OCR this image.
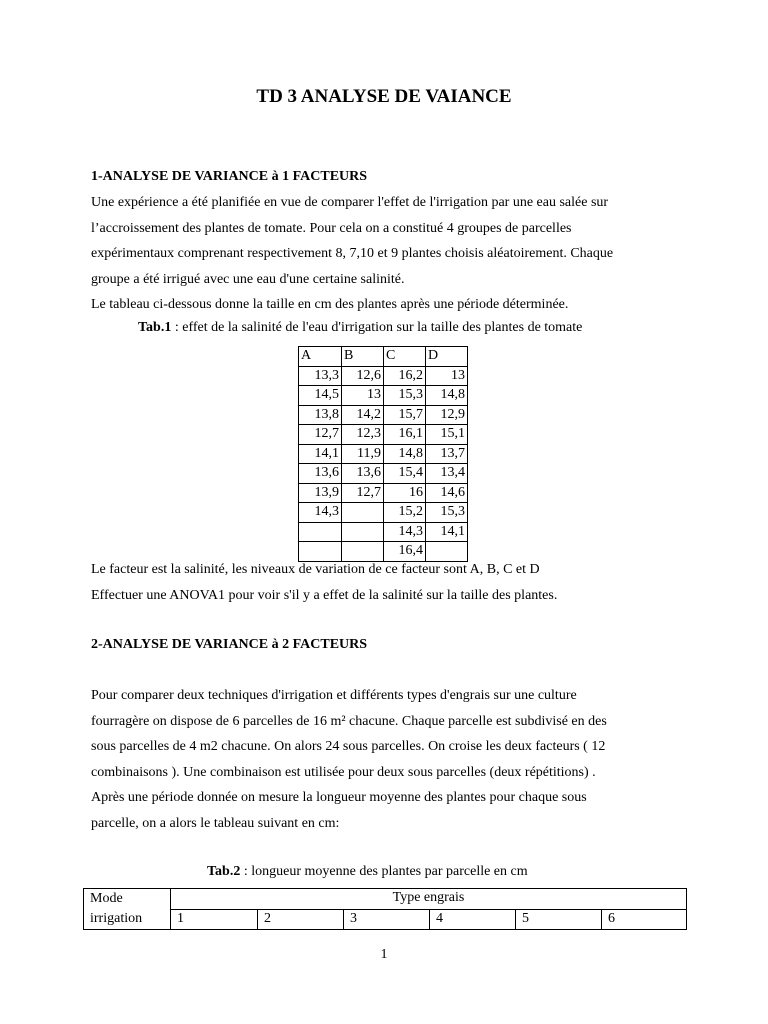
TD 3 ANALYSE DE VAIANCE
1-ANALYSE DE VARIANCE à 1 FACTEURS
Une expérience a été planifiée en vue de comparer l'effet de l'irrigation par une eau salée sur
l’accroissement des plantes de tomate. Pour cela on a constitué 4 groupes de parcelles
expérimentaux comprenant respectivement 8, 7,10 et 9 plantes choisis aléatoirement. Chaque
groupe a été irrigué avec une eau d'une certaine salinité.
Le tableau ci-dessous donne la taille en cm des plantes après une période déterminée.
Tab.1 : effet de la salinité de l'eau d'irrigation sur la taille des plantes de tomate
A	B	C	D
13,3	12,6	16,2	13
14,5	13	15,3	14,8
13,8	14,2	15,7	12,9
12,7	12,3	16,1	15,1
14,1	11,9	14,8	13,7
13,6	13,6	15,4	13,4
13,9	12,7	16	14,6
14,3		15,2	15,3
		14,3	14,1
		16,4	
Le facteur est la salinité, les niveaux de variation de ce facteur sont A, B, C et D
Effectuer une ANOVA1 pour voir s'il y a effet de la salinité sur la taille des plantes.
2-ANALYSE DE VARIANCE à 2 FACTEURS
Pour comparer deux techniques d'irrigation et différents types d'engrais sur une culture
fourragère on dispose de 6 parcelles de 16 m² chacune. Chaque parcelle est subdivisé en des
sous parcelles de 4 m2 chacune. On alors 24 sous parcelles. On croise les deux facteurs ( 12
combinaisons ). Une combinaison est utilisée pour deux sous parcelles (deux répétitions) .
Après une période donnée on mesure la longueur moyenne des plantes pour chaque sous
parcelle, on a alors le tableau suivant en cm:
Tab.2 : longueur moyenne des plantes par parcelle en cm
Mode
irrigation	Type engrais					
	1	2	3	4	5	6
1
